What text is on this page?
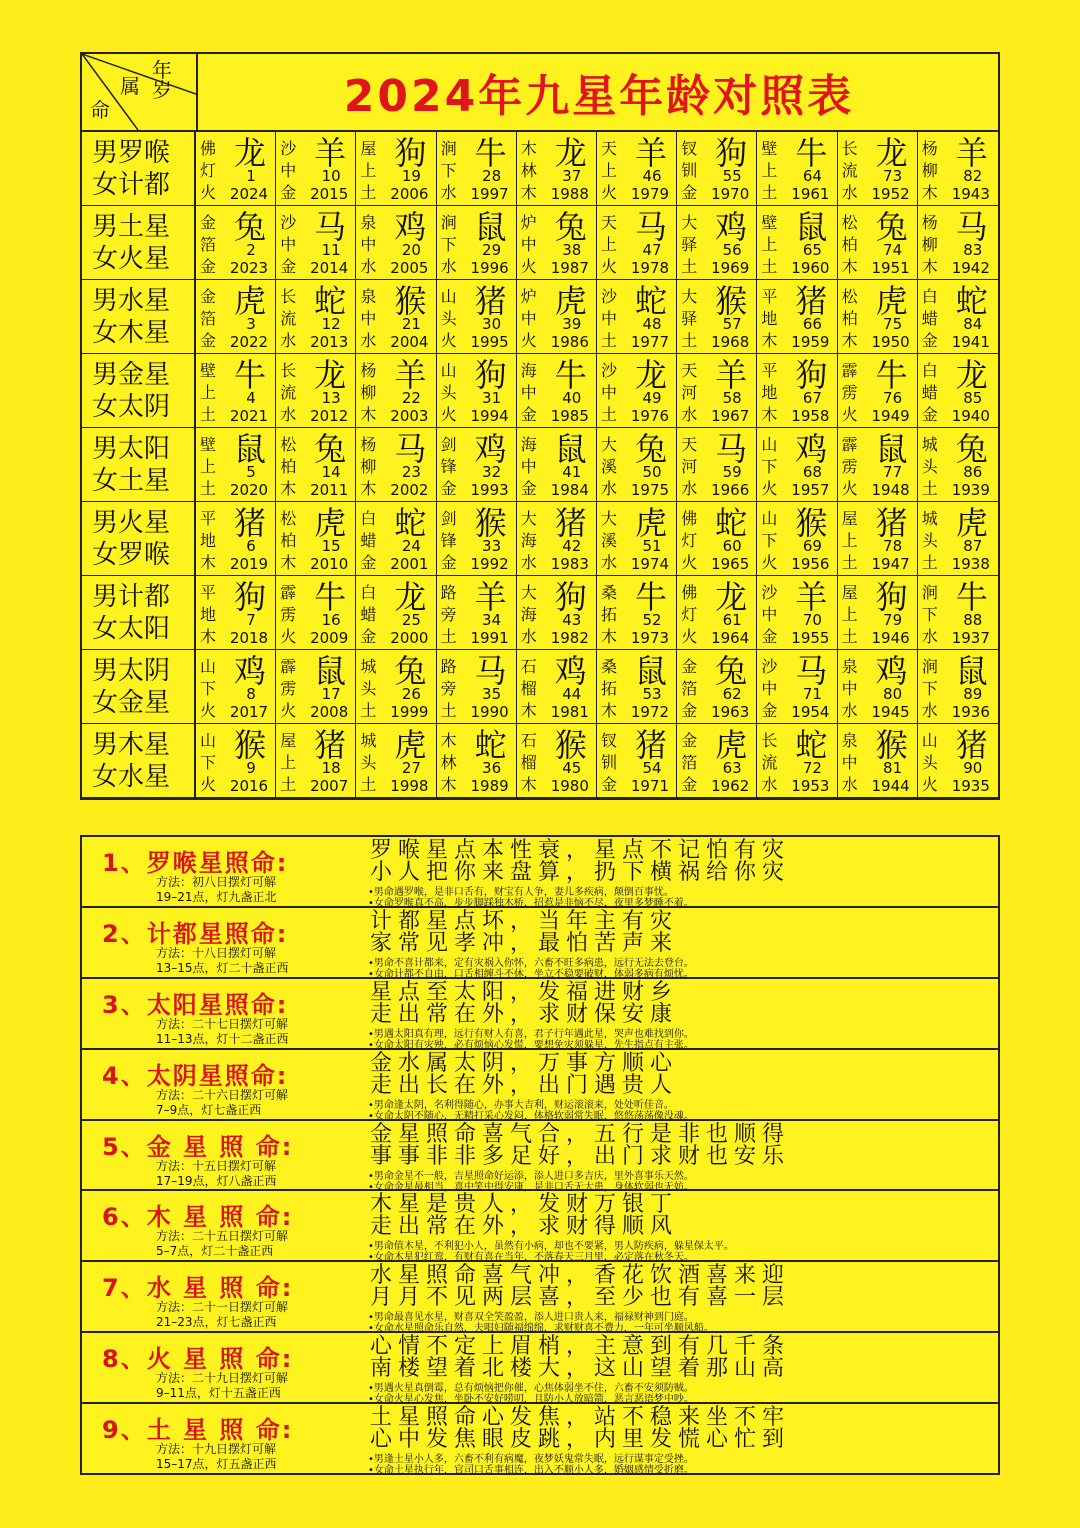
年岁
属
命	2024年九星年龄对照表
男罗喉
女计都
佛
灯
火
龙
1
2024
沙
中
金
羊
10
2015
屋
上
土
狗
19
2006
涧
下
水
牛
28
1997
木
林
木
龙
37
1988
天
上
火
羊
46
1979
钗
钏
金
狗
55
1970
壁
上
土
牛
64
1961
长
流
水
龙
73
1952
杨
柳
木
羊
82
1943
男土星
女火星
金
箔
金
兔
2
2023
沙
中
金
马
11
2014
泉
中
水
鸡
20
2005
涧
下
水
鼠
29
1996
炉
中
火
兔
38
1987
天
上
火
马
47
1978
大
驿
土
鸡
56
1969
壁
上
土
鼠
65
1960
松
柏
木
兔
74
1951
杨
柳
木
马
83
1942
男水星
女木星
金
箔
金
虎
3
2022
长
流
水
蛇
12
2013
泉
中
水
猴
21
2004
山
头
火
猪
30
1995
炉
中
火
虎
39
1986
沙
中
土
蛇
48
1977
大
驿
土
猴
57
1968
平
地
木
猪
66
1959
松
柏
木
虎
75
1950
白
蜡
金
蛇
84
1941
男金星
女太阴
壁
上
土
牛
4
2021
长
流
水
龙
13
2012
杨
柳
木
羊
22
2003
山
头
火
狗
31
1994
海
中
金
牛
40
1985
沙
中
土
龙
49
1976
天
河
水
羊
58
1967
平
地
木
狗
67
1958
霹
雳
火
牛
76
1949
白
蜡
金
龙
85
1940
男太阳
女土星
壁
上
土
鼠
5
2020
松
柏
木
兔
14
2011
杨
柳
木
马
23
2002
剑
锋
金
鸡
32
1993
海
中
金
鼠
41
1984
大
溪
水
兔
50
1975
天
河
水
马
59
1966
山
下
火
鸡
68
1957
霹
雳
火
鼠
77
1948
城
头
土
兔
86
1939
男火星
女罗喉
平
地
木
猪
6
2019
松
柏
木
虎
15
2010
白
蜡
金
蛇
24
2001
剑
锋
金
猴
33
1992
大
海
水
猪
42
1983
大
溪
水
虎
51
1974
佛
灯
火
蛇
60
1965
山
下
火
猴
69
1956
屋
上
土
猪
78
1947
城
头
土
虎
87
1938
男计都
女太阳
平
地
木
狗
7
2018
霹
雳
火
牛
16
2009
白
蜡
金
龙
25
2000
路
旁
土
羊
34
1991
大
海
水
狗
43
1982
桑
拓
木
牛
52
1973
佛
灯
火
龙
61
1964
沙
中
金
羊
70
1955
屋
上
土
狗
79
1946
涧
下
水
牛
88
1937
男太阴
女金星
山
下
火
鸡
8
2017
霹
雳
火
鼠
17
2008
城
头
土
兔
26
1999
路
旁
土
马
35
1990
石
榴
木
鸡
44
1981
桑
拓
木
鼠
53
1972
金
箔
金
兔
62
1963
沙
中
金
马
71
1954
泉
中
水
鸡
80
1945
涧
下
水
鼠
89
1936
男木星
女水星
山
下
火
猴
9
2016
屋
上
土
猪
18
2007
城
头
土
虎
27
1998
木
林
木
蛇
36
1989
石
榴
木
猴
45
1980
钗
钏
金
猪
54
1971
金
箔
金
虎
63
1962
长
流
水
蛇
72
1953
泉
中
水
猴
81
1944
山
头
火
猪
90
1935
1、罗喉星照命:
方法：初八日摆灯可解
19–21点，灯九盏正北
罗喉星点本性衰，星点不记怕有灾
小人把你来盘算，扔下横祸给你灾
•男命遇罗喉，是非口舌有，财宝有人争，妻儿多疾病，颠倒百事忧。
•女命罗喉真不高，步步脚踩独木桥，招惹是非恼不尽，夜里多梦睡不着。
2、计都星照命:
方法：十八日摆灯可解
13–15点，灯二十盏正西
计都星点坏，当年主有灾
家常见孝冲，最怕苦声来
•男命不喜计都来，定有灾祸入你怀，六畜不旺多病患，远行无法去登台。
•女命计都不自由，口舌相缠斗不休，坐立不稳要破财，体弱多病有烦忧。
3、太阳星照命:
方法：二十七日摆灯可解
11–13点，灯十二盏正西
星点至太阳，发福进财乡
走出常在外，求财保安康
•男遇太阳真有理，远行有财人有喜，君子行年遇此星，哭声也难找到你。
•女命太阳有灾殃，必有烦恼心发慌，要想免灾须躲星，先生指点有主张。
4、太阴星照命:
方法：二十六日摆灯可解
7–9点，灯七盏正西
金水属太阴，万事方顺心
走出长在外，出门遇贵人
•男命逢太阴，名利得随心，办事大吉利，财运滚滚来，处处听佳音。
•女命太阴不随心，无精打采心发闷，体格软弱常失眠，悠悠荡荡像没魂。
5、金 星 照 命:
方法：十五日摆灯可解
17–19点，灯八盏正西
金星照命喜气合，五行是非也顺得
事事非非多足好，出门求财也安乐
•男命金星不一般，吉星照命好运添，添人进口多吉庆，里外喜事乐天然。
•女命金星最相当，喜中笑中得安康，是非口舌无大患，身体软弱也无妨。
6、木 星 照 命:
方法：二十五日摆灯可解
5–7点，灯二十盏正西
木星是贵人，发财万银丁
走出常在外，求财得顺风
•男命值木星，不利犯小人，虽然有小病，却也不要紧，男人防疾病，躲星保太平。
•女命木星犯红鸾，有财有喜在当年，不落春天三月里，必定落在秋冬天。
7、水 星 照 命:
方法：二十一日摆灯可解
21–23点，灯七盏正西
水星照命喜气冲，香花饮酒喜来迎
月月不见两层喜，至少也有喜一层
•男命最喜见水星，财喜双全笑盈盈，添人进口贵人来，福禄财神到门庭。
•女命水星照命乐自然，夫唱妇随福绵绵，求财财喜不费力，一年可坐顺风船。
8、火 星 照 命:
方法：二十九日摆灯可解
9–11点，灯十五盏正西
心情不定上眉梢，主意到有几千条
南楼望着北楼大，这山望着那山高
•男遇火星真倒霉，总有烦恼把你催，心焦体弱坐不住，六畜不安须防贼。
•女命火星心发焦，坐卧不安好唠叨，且防小人放暗箭，恶言恶语梦中吵。
9、土 星 照 命:
方法：十九日摆灯可解
15–17点，灯五盏正西
土星照命心发焦，站不稳来坐不牢
心中发焦眼皮跳，内里发慌心忙到
•男逢土星小人多，六畜不利有病魔，夜梦妖鬼常失眠，远行谋事定受挫。
•女命土星执行年，官司口舌事相连，出入不顺小人多，婚姻感情受折磨。
